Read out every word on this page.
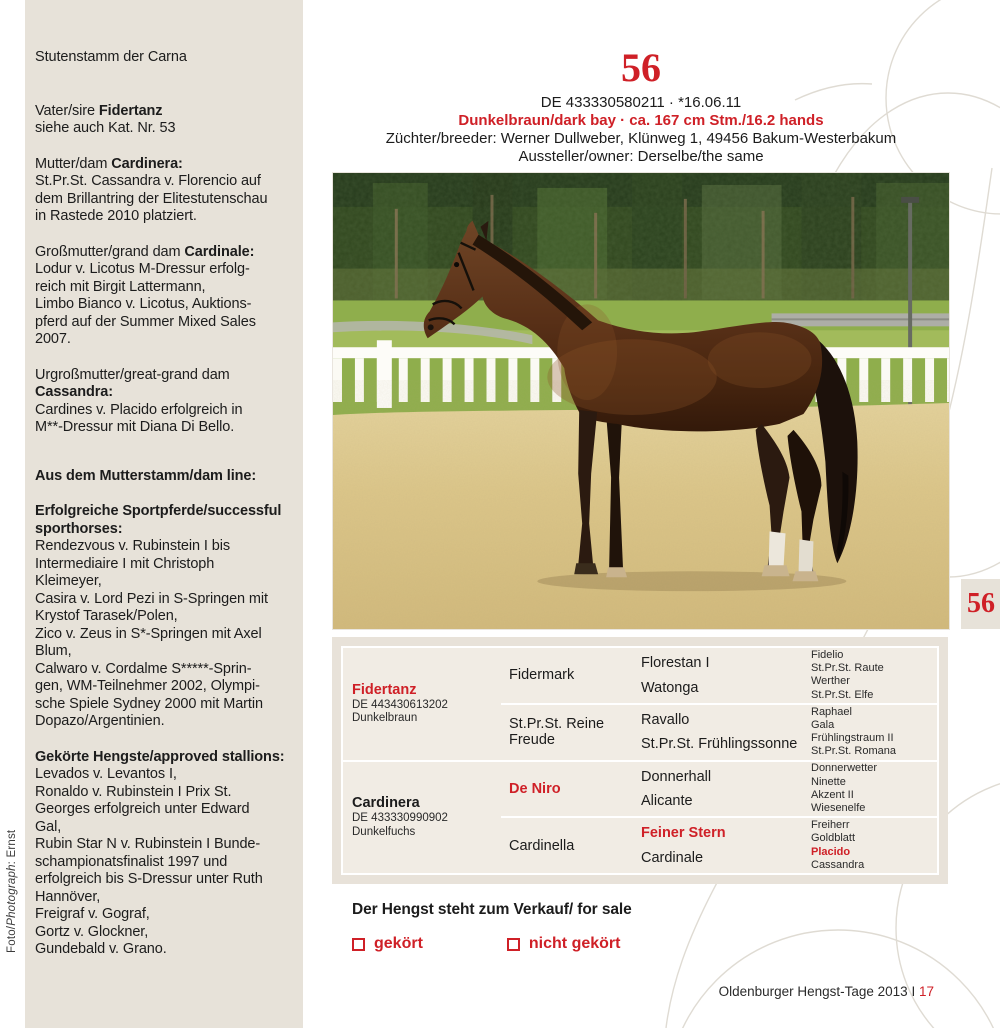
Foto/Photograph: Ernst
Stutenstamm der Carna
Vater/sire Fidertanz
siehe auch Kat. Nr. 53
Mutter/dam Cardinera:
St.Pr.St. Cassandra v. Florencio auf
dem Brillantring der Elitestutenschau
in Rastede 2010 platziert.
Großmutter/grand dam Cardinale:
Lodur v. Licotus M-Dressur erfolg-
reich mit Birgit Lattermann,
Limbo Bianco v. Licotus, Auktions-
pferd auf der Summer Mixed Sales
2007.
Urgroßmutter/great-grand dam
Cassandra:
Cardines v. Placido erfolgreich in
M**-Dressur mit Diana Di Bello.
Aus dem Mutterstamm/dam line:
Erfolgreiche Sportpferde/successful
sporthorses:
Rendezvous v. Rubinstein I bis
Intermediaire I mit Christoph
Kleimeyer,
Casira v. Lord Pezi in S-Springen mit
Krystof Tarasek/Polen,
Zico v. Zeus in S*-Springen mit Axel
Blum,
Calwaro v. Cordalme S*****-Sprin-
gen, WM-Teilnehmer 2002, Olympi-
sche Spiele Sydney 2000 mit Martin
Dopazo/Argentinien.
Gekörte Hengste/approved stallions:
Levados v. Levantos I,
Ronaldo v. Rubinstein I Prix St.
Georges erfolgreich unter Edward
Gal,
Rubin Star N v. Rubinstein I Bunde-
schampionatsfinalist 1997 und
erfolgreich bis S-Dressur unter Ruth
Hannöver,
Freigraf v. Gograf,
Gortz v. Glockner,
Gundebald v. Grano.
56
DE 433330580211 · *16.06.11
Dunkelbraun/dark bay · ca. 167 cm Stm./16.2 hands
Züchter/breeder: Werner Dullweber, Klünweg 1, 49456 Bakum-Westerbakum
Aussteller/owner: Derselbe/the same
Fidertanz
DE 443430613202
Dunkelbraun
Fidermark
Florestan I
Watonga
Fidelio
St.Pr.St. Raute
Werther
St.Pr.St. Elfe
St.Pr.St. Reine Freude
Ravallo
St.Pr.St. Frühlingssonne
Raphael
Gala
Frühlingstraum II
St.Pr.St. Romana
Cardinera
DE 433330990902
Dunkelfuchs
De Niro
Donnerhall
Alicante
Donnerwetter
Ninette
Akzent II
Wiesenelfe
Cardinella
Feiner Stern
Cardinale
Freiherr
Goldblatt
Placido
Cassandra
Der Hengst steht zum Verkauf/ for sale
gekört	nicht gekört
Oldenburger Hengst-Tage 2013 I 17
56
